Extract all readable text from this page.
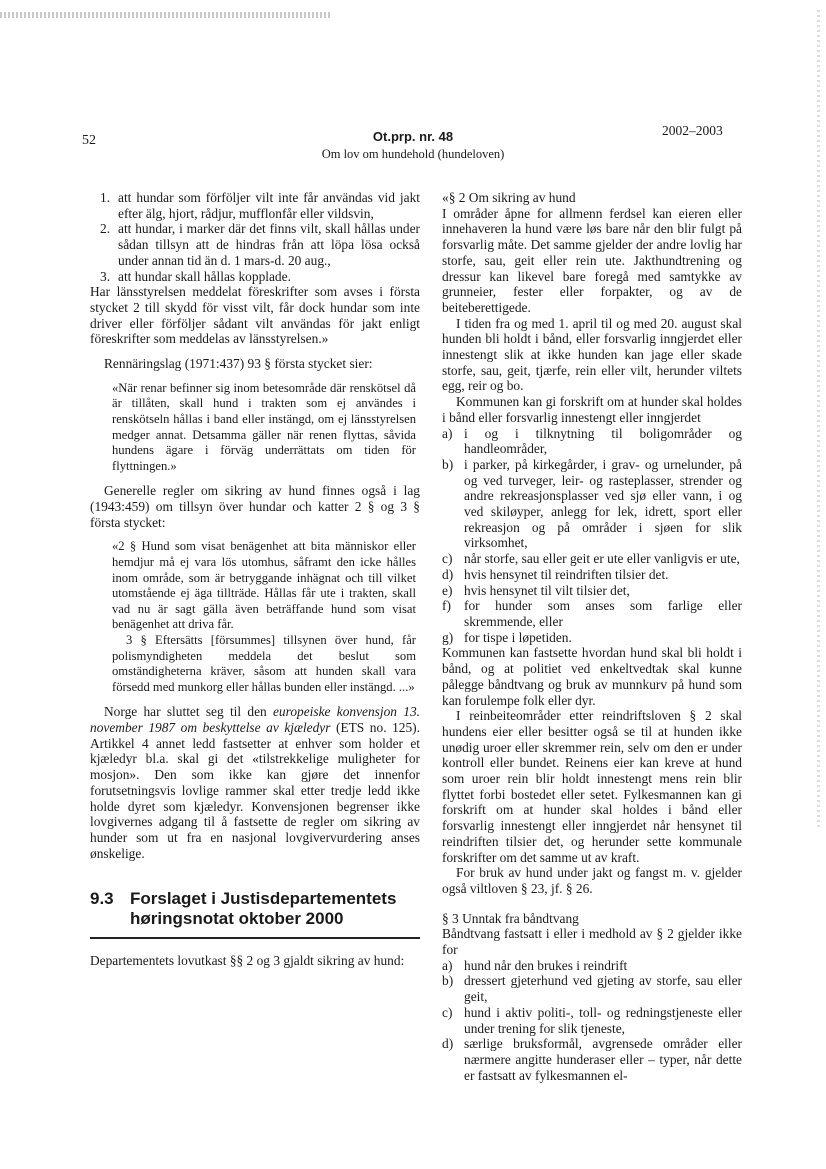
52	Ot.prp. nr. 48
Om lov om hundehold (hundeloven)
2002–2003
1. att hundar som förföljer vilt inte får användas vid jakt efter älg, hjort, rådjur, mufflonfår eller vildsvin,
2. att hundar, i marker där det finns vilt, skall hållas under sådan tillsyn att de hindras från att löpa lösa också under annan tid än d. 1 mars-d. 20 aug.,
3. att hundar skall hållas kopplade.

Har länsstyrelsen meddelat föreskrifter som avses i första stycket 2 till skydd för visst vilt, får dock hundar som inte driver eller förföljer sådant vilt användas för jakt enligt föreskrifter som meddelas av länsstyrelsen.»

Rennäringslag (1971:437) 93 § första stycket sier:

«När renar befinner sig inom betesområde där renskötsel då är tillåten, skall hund i trakten som ej användes i renskötseln hållas i band eller instängd, om ej länsstyrelsen medger annat. Detsamma gäller när renen flyttas, såvida hundens ägare i förväg underrättats om tiden för flyttningen.»

Generelle regler om sikring av hund finnes også i lag (1943:459) om tillsyn över hundar och katter 2 § og 3 § första stycket:

«2 § Hund som visat benägenhet att bita människor eller hemdjur må ej vara lös utomhus, såframt den icke hålles inom område, som är betryggande inhägnat och till vilket utomstående ej äga tillträde. Hållas får ute i trakten, skall vad nu är sagt gälla även beträffande hund som visat benägenhet att driva får.

3 § Eftersätts [försummes] tillsynen över hund, får polismyndigheten meddela det beslut som omständigheterna kräver, såsom att hunden skall vara försedd med munkorg eller hållas bunden eller instängd. ...»

Norge har sluttet seg til den europeiske konvensjon 13. november 1987 om beskyttelse av kjæledyr (ETS no. 125). Artikkel 4 annet ledd fastsetter at enhver som holder et kjæledyr bl.a. skal gi det «tilstrekkelige muligheter for mosjon». Den som ikke kan gjøre det innenfor forutsetningsvis lovlige rammer skal etter tredje ledd ikke holde dyret som kjæledyr. Konvensjonen begrenser ikke lovgivernes adgang til å fastsette de regler om sikring av hunder som ut fra en nasjonal lovgivervurdering anses ønskelige.

9.3 Forslaget i Justisdepartementets høringsnotat oktober 2000

Departementets lovutkast §§ 2 og 3 gjaldt sikring av hund:

«§ 2 Om sikring av hund

I områder åpne for allmenn ferdsel kan eieren eller innehaveren la hund være løs bare når den blir fulgt på forsvarlig måte. Det samme gjelder der andre lovlig har storfe, sau, geit eller rein ute. Jakthundtrening og dressur kan likevel bare foregå med samtykke av grunneier, fester eller forpakter, og av de beiteberettigede.

I tiden fra og med 1. april til og med 20. august skal hunden bli holdt i bånd, eller forsvarlig inngjerdet eller innestengt slik at ikke hunden kan jage eller skade storfe, sau, geit, tjærfe, rein eller vilt, herunder viltets egg, reir og bo.

Kommunen kan gi forskrift om at hunder skal holdes i bånd eller forsvarlig innestengt eller inngjerdet

a) i og i tilknytning til boligområder og handleområder,
b) i parker, på kirkegårder, i grav- og urnelunder, på og ved turveger, leir- og rasteplasser, strender og andre rekreasjonsplasser ved sjø eller vann, i og ved skiløyper, anlegg for lek, idrett, sport eller rekreasjon og på områder i sjøen for slik virksomhet,
c) når storfe, sau eller geit er ute eller vanligvis er ute,
d) hvis hensynet til reindriften tilsier det.
e) hvis hensynet til vilt tilsier det,
f) for hunder som anses som farlige eller skremmende, eller
g) for tispe i løpetiden.

Kommunen kan fastsette hvordan hund skal bli holdt i bånd, og at politiet ved enkeltvedtak skal kunne pålegge båndtvang og bruk av munnkurv på hund som kan forulempe folk eller dyr.

I reinbeiteområder etter reindriftsloven § 2 skal hundens eier eller besitter også se til at hunden ikke unødig uroer eller skremmer rein, selv om den er under kontroll eller bundet. Reinens eier kan kreve at hund som uroer rein blir holdt innestengt mens rein blir flyttet forbi bostedet eller setet. Fylkesmannen kan gi forskrift om at hunder skal holdes i bånd eller forsvarlig innestengt eller inngjerdet når hensynet til reindriften tilsier det, og herunder sette kommunale forskrifter om det samme ut av kraft.

For bruk av hund under jakt og fangst m. v. gjelder også viltloven § 23, jf. § 26.

§ 3 Unntak fra båndtvang

Båndtvang fastsatt i eller i medhold av § 2 gjelder ikke for

a) hund når den brukes i reindrift
b) dressert gjeterhund ved gjeting av storfe, sau eller geit,
c) hund i aktiv politi-, toll- og redningstjeneste eller under trening for slik tjeneste,
d) særlige bruksformål, avgrensede områder eller nærmere angitte hunderaser eller – typer, når dette er fastsatt av fylkesmannen el-
